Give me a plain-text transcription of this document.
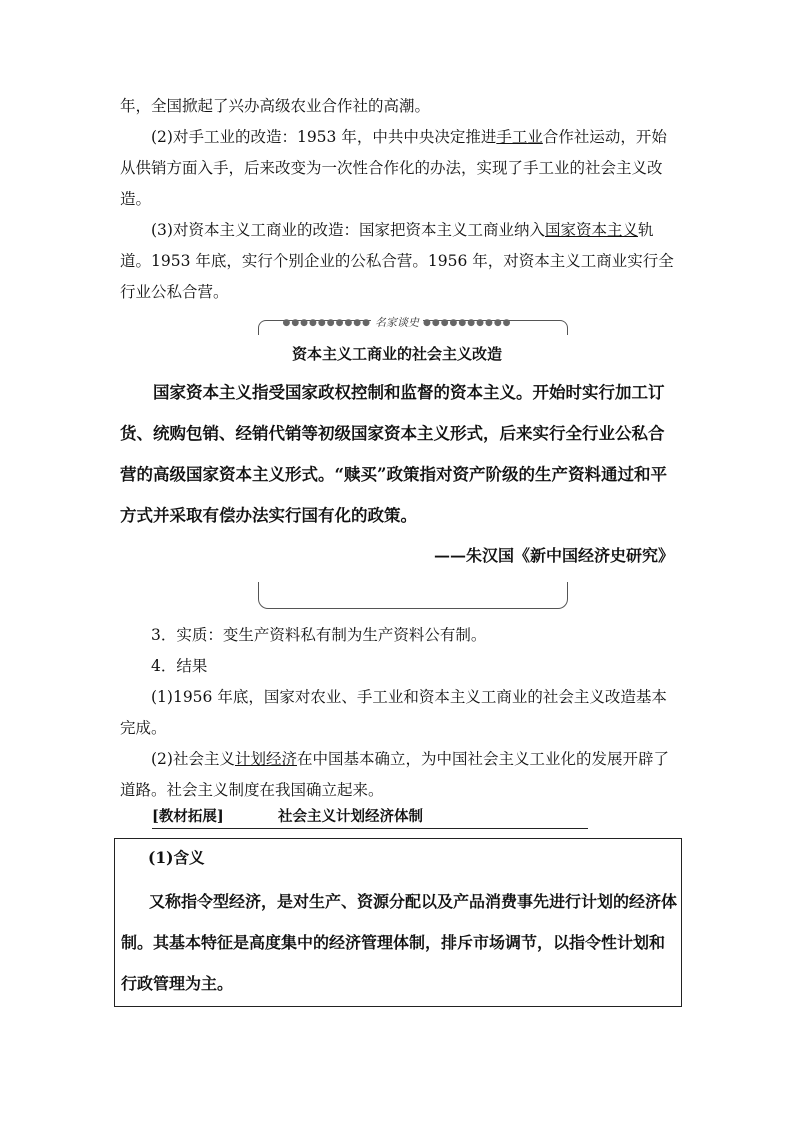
年，全国掀起了兴办高级农业合作社的高潮。
(2)对手工业的改造：1953 年，中共中央决定推进手工业合作社运动，开始从供销方面入手，后来改变为一次性合作化的办法，实现了手工业的社会主义改造。
(3)对资本主义工商业的改造：国家把资本主义工商业纳入国家资本主义轨道。1953 年底，实行个别企业的公私合营。1956 年，对资本主义工商业实行全行业公私合营。
●●●●●●●●●● 名家谈史 ●●●●●●●●●●
资本主义工商业的社会主义改造
国家资本主义指受国家政权控制和监督的资本主义。开始时实行加工订货、统购包销、经销代销等初级国家资本主义形式，后来实行全行业公私合营的高级国家资本主义形式。“赎买”政策指对资产阶级的生产资料通过和平方式并采取有偿办法实行国有化的政策。
——朱汉国《新中国经济史研究》
3．实质：变生产资料私有制为生产资料公有制。
4．结果
(1)1956 年底，国家对农业、手工业和资本主义工商业的社会主义改造基本完成。
(2)社会主义计划经济在中国基本确立，为中国社会主义工业化的发展开辟了道路。社会主义制度在我国确立起来。
[教材拓展]	社会主义计划经济体制
(1)含义
又称指令型经济，是对生产、资源分配以及产品消费事先进行计划的经济体制。其基本特征是高度集中的经济管理体制，排斥市场调节，以指令性计划和行政管理为主。
